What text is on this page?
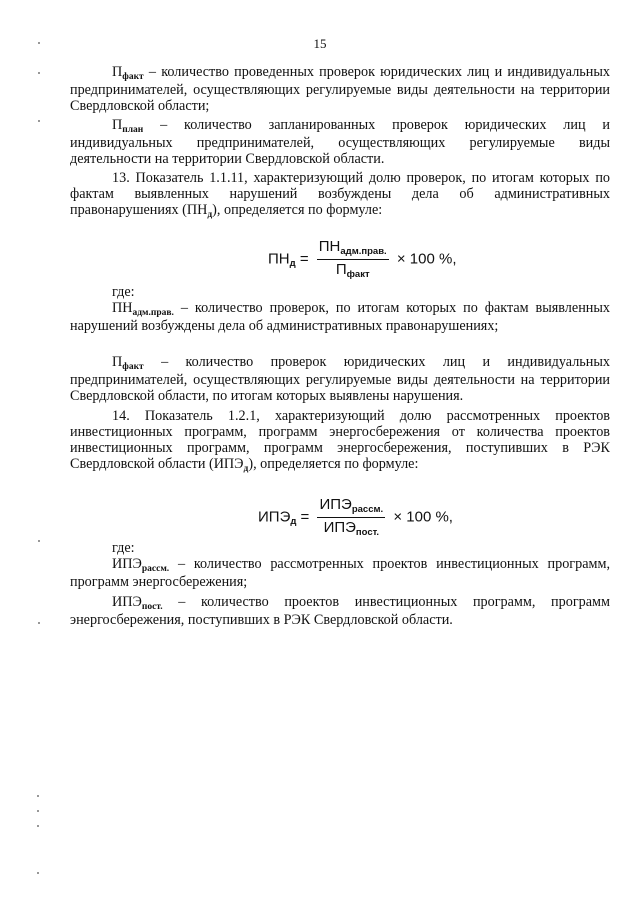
15

$П_{факт}$ – количество проведенных проверок юридических лиц и индивидуальных предпринимателей, осуществляющих регулируемые виды деятельности на территории Свердловской области;

$П_{план}$ – количество запланированных проверок юридических лиц и индивидуальных предпринимателей, осуществляющих регулируемые виды деятельности на территории Свердловской области.

13. Показатель 1.1.11, характеризующий долю проверок, по итогам которых по фактам выявленных нарушений возбуждены дела об административных правонарушениях $(ПН_д)$, определяется по формуле:

$ПН_д = \frac{ПН_{адм.прав.}}{П_{факт}} \times 100$ %,
где:

$ПН_{адм.прав.}$ – количество проверок, по итогам которых по фактам выявленных нарушений возбуждены дела об административных правонарушениях;

$П_{факт}$ – количество проверок юридических лиц и индивидуальных предпринимателей, осуществляющих регулируемые виды деятельности на территории Свердловской области, по итогам которых выявлены нарушения.

14. Показатель 1.2.1, характеризующий долю рассмотренных проектов инвестиционных программ, программ энергосбережения от количества проектов инвестиционных программ, программ энергосбережения, поступивших в РЭК Свердловской области $(ИПЭ_д)$, определяется по формуле:

$ИПЭ_д = \frac{ИПЭ_{рассм.}}{ИПЭ_{пост.}} \times 100$ %,
где:

$ИПЭ_{рассм.}$ – количество рассмотренных проектов инвестиционных программ, программ энергосбережения;

$ИПЭ_{пост.}$ – количество проектов инвестиционных программ, программ энергосбережения, поступивших в РЭК Свердловской области.
